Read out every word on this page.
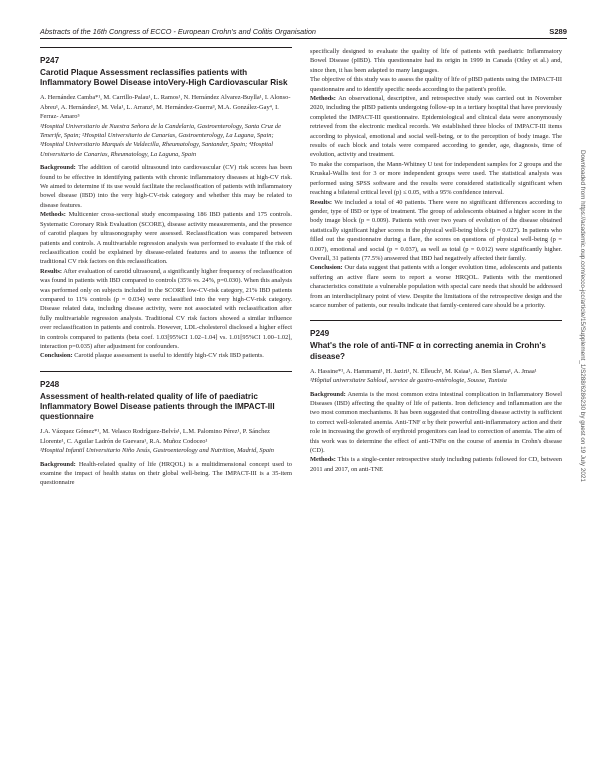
Abstracts of the 16th Congress of ECCO - European Crohn's and Colitis Organisation	S289
P247
Carotid Plaque Assessment reclassifies patients with Inflammatory Bowel Disease intoVery-High Cardiovascular Risk

A. Hernández Camba*¹, M. Carrillo-Palau¹, L. Ramos¹, N. Hernández Alvarez-Buylla¹, I. Alonso-Abreu¹, A. Hernández², M. Vela¹, L. Arranz¹, M. Hernández-Guerra³, M.A. González-Gay⁴, I. Ferraz- Amaro⁵

¹Hospital Universitario de Nuestra Señora de la Candelaria, Gastroenterology, Santa Cruz de Tenerife, Spain; ²Hospital Universitario de Canarias, Gastroenterology, La Laguna, Spain; ³Hospital Universitario Marqués de Valdecilla, Rheumatology, Santander, Spain; ⁴Hospital Universitario de Canarias, Rheumatology, La Laguna, Spain

Background: The addition of carotid ultrasound into cardiovascular (CV) risk scores has been found to be effective in identifying patients with chronic inflammatory diseases at high-CV risk. We aimed to determine if its use would facilitate the reclassification of patients with inflammatory bowel disease (IBD) into the very high-CV-risk category and whether this may be related to disease features.

Methods: Multicenter cross-sectional study encompassing 186 IBD patients and 175 controls. Systematic Coronary Risk Evaluation (SCORE), disease activity measurements, and the presence of carotid plaques by ultrasonography were assessed. Reclassification was compared between patients and controls. A multivariable regression analysis was performed to evaluate if the risk of reclassification could be explained by disease-related features and to assess the influence of traditional CV risk factors on this reclassification.

Results: After evaluation of carotid ultrasound, a significantly higher frequency of reclassification was found in patients with IBD compared to controls (35% vs. 24%, p=0.030). When this analysis was performed only on subjects included in the SCORE low-CV-risk category, 21% IBD patients compared to 11% controls (p = 0.034) were reclassified into the very high-CV-risk category. Disease related data, including disease activity, were not associated with reclassification after fully multivariable regression analysis. Traditional CV risk factors showed a similar influence over reclassification in patients and controls. However, LDL-cholesterol disclosed a higher effect in controls compared to patients (beta coef. 1.03[95%CI 1.02–1.04] vs. 1.01[95%CI 1.00–1.02], interaction p=0.035) after adjustment for confounders.

Conclusion: Carotid plaque assessment is useful to identify high-CV risk IBD patients.

P248
Assessment of health-related quality of life of paediatric Inflammatory Bowel Disease patients through the IMPACT-III questionnaire

J.A. Vázquez Gómez*¹, M. Velasco Rodríguez-Belvís¹, L.M. Palomino Pérez¹, P. Sánchez Llorente¹, C. Aguilar Ladrón de Guevara¹, R.A. Muñoz Codoceo¹

¹Hospital Infantil Universitario Niño Jesús, Gastroenterology and Nutrition, Madrid, Spain

Background: Health-related quality of life (HRQOL) is a multidimensional concept used to examine the impact of health status on their global well-being. The IMPACT-III is a 35-item questionnaire

specifically designed to evaluate the quality of life of patients with paediatric Inflammatory Bowel Disease (pIBD). This questionnaire had its origin in 1999 in Canada (Otley et al.) and, since then, it has been adapted to many languages.

The objective of this study was to assess the quality of life of pIBD patients using the IMPACT-III questionnaire and to identify specific needs according to the patient's profile.

Methods: An observational, descriptive, and retrospective study was carried out in November 2020, including the pIBD patients undergoing follow-up in a tertiary hospital that have previously completed the IMPACT-III questionnaire. Epidemiological and clinical data were anonymously retrieved from the electronic medical records. We established three blocks of IMPACT-III items according to physical, emotional and social well-being, or to the perception of body image. The results of each block and totals were compared according to gender, age, diagnosis, time of evolution, activity and treatment.

To make the comparison, the Mann-Whitney U test for independent samples for 2 groups and the Kruskal-Wallis test for 3 or more independent groups were used. The statistical analysis was performed using SPSS software and the results were considered statistically significant when reaching a bilateral critical level (p) ≤ 0.05, with a 95% confidence interval.

Results: We included a total of 40 patients. There were no significant differences according to gender, type of IBD or type of treatment. The group of adolescents obtained a higher score in the body image block (p = 0.009). Patients with over two years of evolution of the disease obtained statistically significant higher scores in the physical well-being block (p = 0.027). In patients who filled out the questionnaire during a flare, the scores on questions of physical well-being (p = 0.007), emotional and social (p = 0.037), as well as total (p = 0.012) were significantly higher. Overall, 31 patients (77.5%) answered that IBD had negatively affected their family.

Conclusion: Our data suggest that patients with a longer evolution time, adolescents and patients suffering an active flare seem to report a worse HRQOL. Patients with the mentioned characteristics constitute a vulnerable population with special care needs that should be addressed from an interdisciplinary point of view. Despite the limitations of the retrospective design and the scarce number of patients, our results indicate that family-centered care should be a priority.

P249
What's the role of anti-TNF α in correcting anemia in Crohn's disease?

A. Hassine*¹, A. Hammami¹, H. Jaziri¹, N. Elleuch¹, M. Ksiaa¹, A. Ben Slama¹, A. Jmaa¹

¹Hôpital universitaire Sahloul, service de gastro-entérologie, Sousse, Tunisia

Background: Anemia is the most common extra intestinal complication in Inflammatory Bowel Diseases (IBD) affecting the quality of life of patients. Iron deficiency and inflammation are the two most common mechanisms. It has been suggested that controlling disease activity is sufficient to correct well-tolerated anemia. Anti-TNF α by their powerful anti-inflammatory action and their role in increasing the growth of erythroid progenitors can lead to correction of anemia. The aim of this work was to determine the effect of anti-TNFα on the course of anemia in Crohn's disease (CD).

Methods: This is a single-center retrospective study including patients followed for CD, between 2011 and 2017, on anti-TNE	Downloaded from https://academic.oup.com/ecco-jcc/article/15/Supplement_1/S288/6286230 by guest on 19 July 2021
